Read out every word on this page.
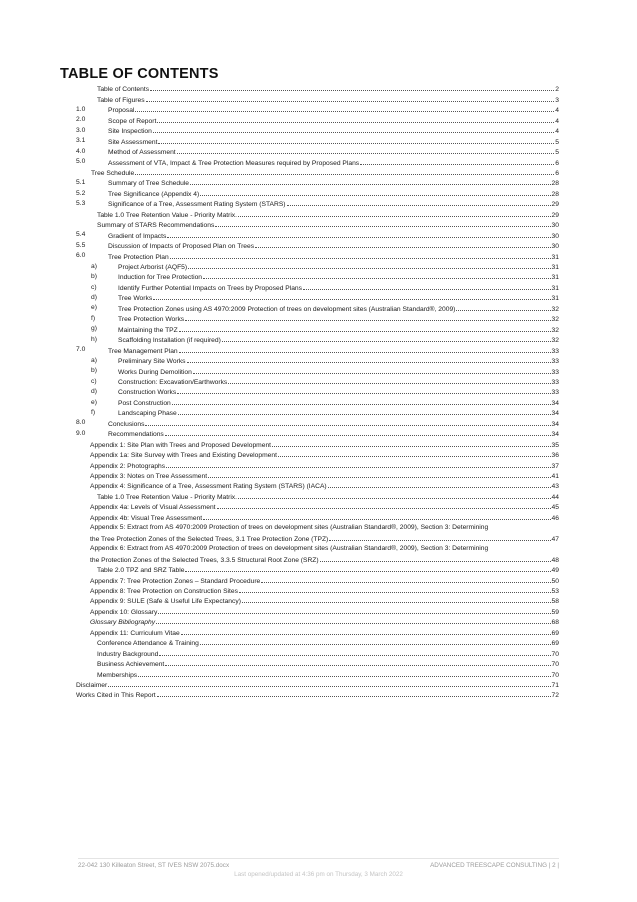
TABLE OF CONTENTS
Table of Contents	2
Table of Figures	3
1.0	Proposal	4
2.0	Scope of Report	4
3.0	Site Inspection	4
3.1	Site Assessment	5
4.0	Method of Assessment	5
5.0	Assessment of VTA, Impact & Tree Protection Measures required by Proposed Plans	6
Tree Schedule	6
5.1	Summary of Tree Schedule	28
5.2	Tree Significance (Appendix 4)	28
5.3	Significance of a Tree, Assessment Rating System (STARS)	29
Table 1.0 Tree Retention Value - Priority Matrix.	29
Summary of STARS Recommendations	30
5.4	Gradient of Impacts	30
5.5	Discussion of Impacts of Proposed Plan on Trees	30
6.0	Tree Protection Plan	31
a)	Project Arborist (AQF5)	31
b)	Induction for Tree Protection	31
c)	Identify Further Potential Impacts on Trees by Proposed Plans	31
d)	Tree Works	31
e)	Tree Protection Zones using AS 4970:2009 Protection of trees on development sites (Australian Standard®, 2009)	32
f)	Tree Protection Works	32
g)	Maintaining the TPZ	32
h)	Scaffolding Installation (if required)	32
7.0	Tree Management Plan	33
a)	Preliminary Site Works	33
b)	Works During Demolition	33
c)	Construction: Excavation/Earthworks	33
d)	Construction Works	33
e)	Post Construction	34
f)	Landscaping Phase	34
8.0	Conclusions	34
9.0	Recommendations	34
Appendix 1: Site Plan with Trees and Proposed Development	35
Appendix 1a: Site Survey with Trees and Existing Development	36
Appendix 2: Photographs	37
Appendix 3: Notes on Tree Assessment	41
Appendix 4: Significance of a Tree, Assessment Rating System (STARS) (IACA)	43
Table 1.0 Tree Retention Value - Priority Matrix.	44
Appendix 4a: Levels of Visual Assessment	45
Appendix 4b: Visual Tree Assessment	46
Appendix 5: Extract from AS 4970:2009 Protection of trees on development sites (Australian Standard®, 2009), Section 3: Determining
the Tree Protection Zones of the Selected Trees, 3.1 Tree Protection Zone (TPZ)	47
Appendix 6: Extract from AS 4970:2009 Protection of trees on development sites (Australian Standard®, 2009), Section 3: Determining
the Protection Zones of the Selected Trees, 3.3.5 Structural Root Zone (SRZ)	48
Table 2.0 TPZ and SRZ Table	49
Appendix 7: Tree Protection Zones – Standard Procedure	50
Appendix 8: Tree Protection on Construction Sites	53
Appendix 9: SULE (Safe & Useful Life Expectancy)	58
Appendix 10: Glossary	59
Glossary Bibliography	68
Appendix 11: Curriculum Vitae	69
Conference Attendance & Training	69
Industry Background	70
Business Achievement	70
Memberships	70
Disclaimer	71
Works Cited in This Report	72
22-042 130 Killeaton Street, ST IVES NSW 2075.docx	ADVANCED TREESCAPE CONSULTING | 2 |
Last opened/updated at 4:36 pm on Thursday, 3 March 2022
